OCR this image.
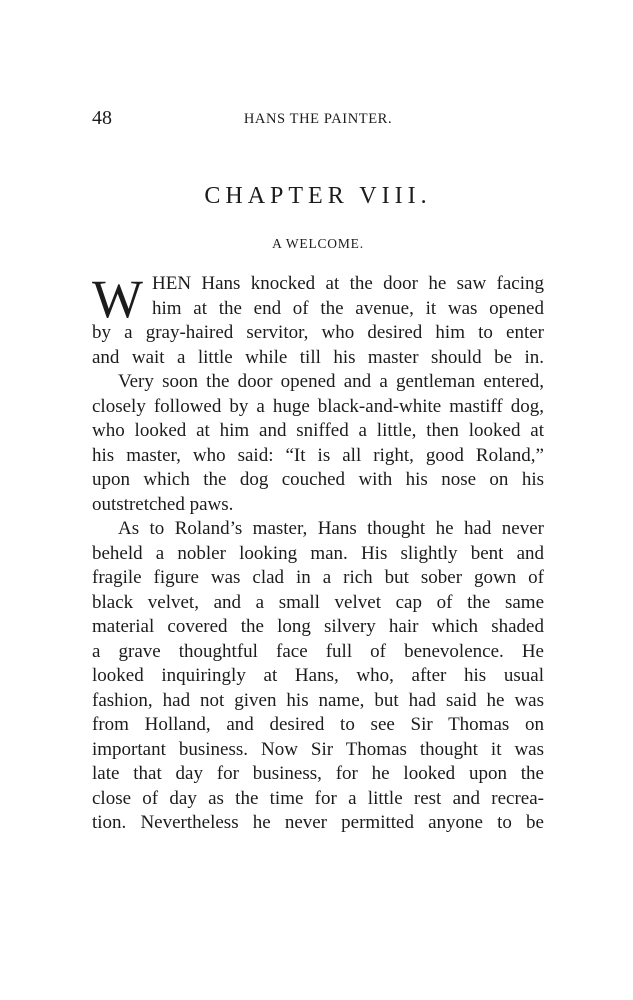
48	HANS THE PAINTER.
CHAPTER VIII.
A WELCOME.
W HEN Hans knocked at the door he saw facing
him at the end of the avenue, it was opened
by a gray-haired servitor, who desired him to enter
and wait a little while till his master should be in.
Very soon the door opened and a gentleman entered,
closely followed by a huge black-and-white mastiff dog,
who looked at him and sniffed a little, then looked at
his master, who said: “It is all right, good Roland,”
upon which the dog couched with his nose on his
outstretched paws.
As to Roland’s master, Hans thought he had never
beheld a nobler looking man. His slightly bent and
fragile figure was clad in a rich but sober gown of
black velvet, and a small velvet cap of the same
material covered the long silvery hair which shaded
a grave thoughtful face full of benevolence. He
looked inquiringly at Hans, who, after his usual
fashion, had not given his name, but had said he was
from Holland, and desired to see Sir Thomas on
important business. Now Sir Thomas thought it was
late that day for business, for he looked upon the
close of day as the time for a little rest and recrea-
tion. Nevertheless he never permitted anyone to be
